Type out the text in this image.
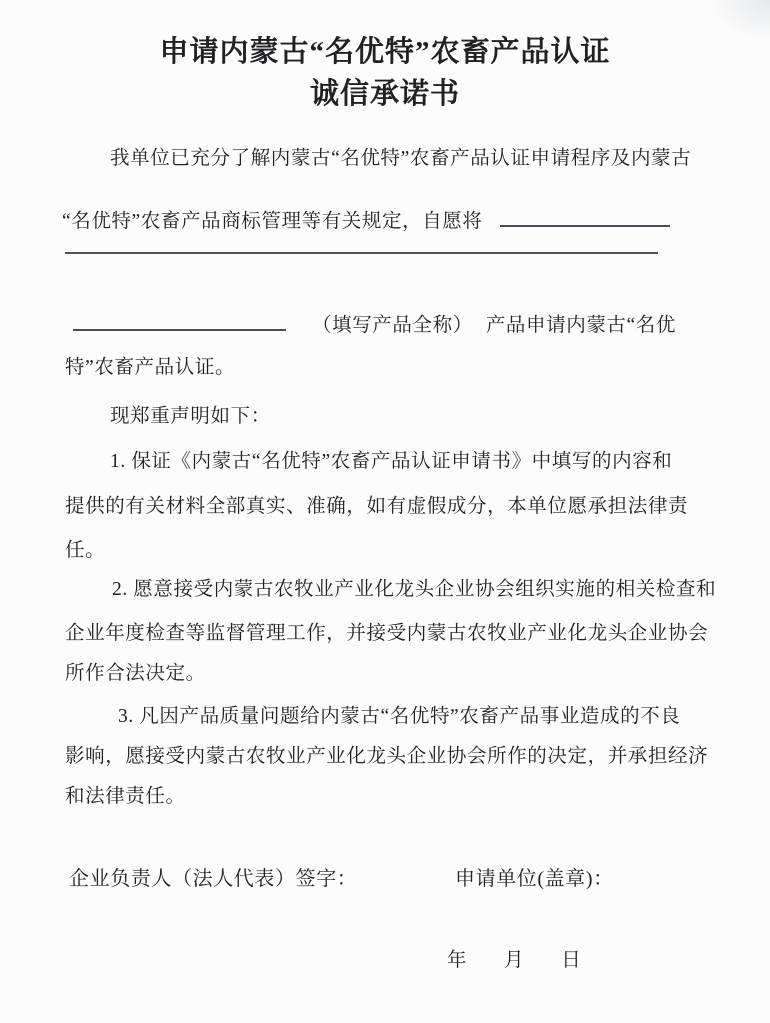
申请内蒙古“名优特”农畜产品认证
诚信承诺书
我单位已充分了解内蒙古“名优特”农畜产品认证申请程序及内蒙古
“名优特”农畜产品商标管理等有关规定，自愿将
（填写产品全称） 产品申请内蒙古“名优
特”农畜产品认证。
现郑重声明如下：
1. 保证《内蒙古“名优特”农畜产品认证申请书》中填写的内容和
提供的有关材料全部真实、准确，如有虚假成分，本单位愿承担法律责
任。
2. 愿意接受内蒙古农牧业产业化龙头企业协会组织实施的相关检查和
企业年度检查等监督管理工作，并接受内蒙古农牧业产业化龙头企业协会
所作合法决定。
3. 凡因产品质量问题给内蒙古“名优特”农畜产品事业造成的不良
影响，愿接受内蒙古农牧业产业化龙头企业协会所作的决定，并承担经济
和法律责任。
企业负责人（法人代表）签字：	申请单位(盖章)：
年 月 日
